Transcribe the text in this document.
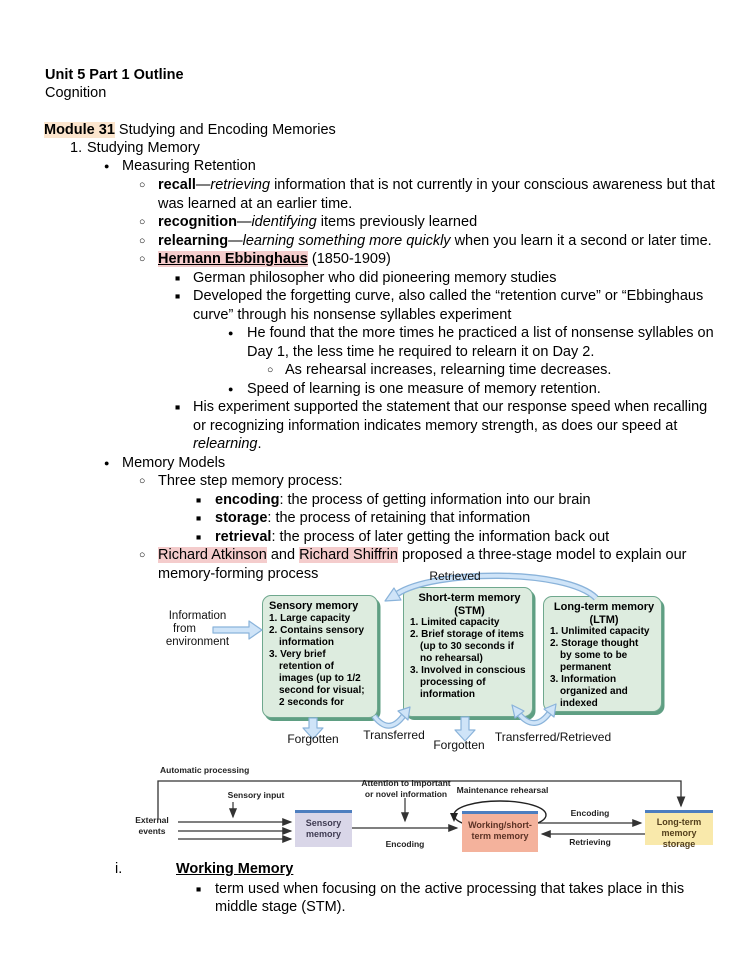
Unit 5 Part 1 Outline
Cognition
Module 31 Studying and Encoding Memories
1. Studying Memory
● Measuring Retention
○ recall—retrieving information that is not currently in your conscious awareness but that was learned at an earlier time.
○ recognition—identifying items previously learned
○ relearning—learning something more quickly when you learn it a second or later time.
○ Hermann Ebbinghaus (1850-1909)
■ German philosopher who did pioneering memory studies
■ Developed the forgetting curve, also called the “retention curve” or “Ebbinghaus curve” through his nonsense syllables experiment
● He found that the more times he practiced a list of nonsense syllables on Day 1, the less time he required to relearn it on Day 2.
○ As rehearsal increases, relearning time decreases.
● Speed of learning is one measure of memory retention.
■ His experiment supported the statement that our response speed when recalling or recognizing information indicates memory strength, as does our speed at relearning.
● Memory Models
○ Three step memory process:
■ encoding: the process of getting information into our brain
■ storage: the process of retaining that information
■ retrieval: the process of later getting the information back out
○ Richard Atkinson and Richard Shiffrin proposed a three-stage model to explain our memory-forming process	Retrieved
Information
from
environment
Sensory memory
1. Large capacity
2. Contains sensory
information
3. Very brief
retention of
images (up to 1/2
second for visual;
2 seconds for
Short-term memory
(STM)
1. Limited capacity
2. Brief storage of items
(up to 30 seconds if
no rehearsal)
3. Involved in conscious
processing of
information
Long-term memory
(LTM)
1. Unlimited capacity
2. Storage thought
by some to be
permanent
3. Information
organized and
indexed
Forgotten	Transferred
Forgotten
Transferred/Retrieved
Automatic processing
Sensory input
External
events
Attention to important
or novel information	Maintenance rehearsal
Encoding
Encoding
Retrieving
Sensory
memory
Working/short-
term memory
Long-term
memory storage
i.	Working Memory
■ term used when focusing on the active processing that takes place in this middle stage (STM).
